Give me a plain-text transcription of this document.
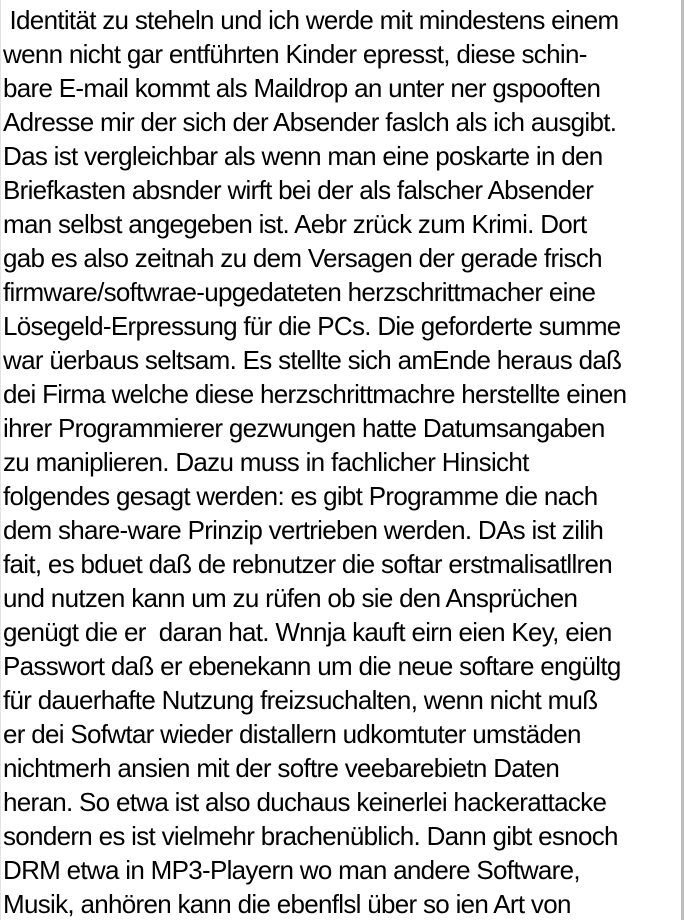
Identität zu steheln und ich werde mit mindestens einem
wenn nicht gar entführten Kinder epresst, diese schin-
bare E-mail kommt als Maildrop an unter ner gspooften
Adresse mir der sich der Absender faslch als ich ausgibt.
Das ist vergleichbar als wenn man eine poskarte in den
Briefkasten absnder wirft bei der als falscher Absender
man selbst angegeben ist. Aebr zrück zum Krimi. Dort
gab es also zeitnah zu dem Versagen der gerade frisch
firmware/softwrae-upgedateten herzschrittmacher eine
Lösegeld-Erpressung für die PCs. Die geforderte summe
war üerbaus seltsam. Es stellte sich amEnde heraus daß
dei Firma welche diese herzschrittmachre herstellte einen
ihrer Programmierer gezwungen hatte Datumsangaben
zu maniplieren. Dazu muss in fachlicher Hinsicht
folgendes gesagt werden: es gibt Programme die nach
dem share-ware Prinzip vertrieben werden. DAs ist zilih
fait, es bduet daß de rebnutzer die softar erstmalisatllren
und nutzen kann um zu rüfen ob sie den Ansprüchen
genügt die er  daran hat. Wnnja kauft eirn eien Key, eien
Passwort daß er ebenekann um die neue softare engültg
für dauerhafte Nutzung freizsuchalten, wenn nicht muß
er dei Sofwtar wieder distallern udkomtuter umstäden
nichtmerh ansien mit der softre veebarebietn Daten
heran. So etwa ist also duchaus keinerlei hackerattacke
sondern es ist vielmehr brachenüblich. Dann gibt esnoch
DRM etwa in MP3-Playern wo man andere Software,
Musik, anhören kann die ebenflsl über so ien Art von
